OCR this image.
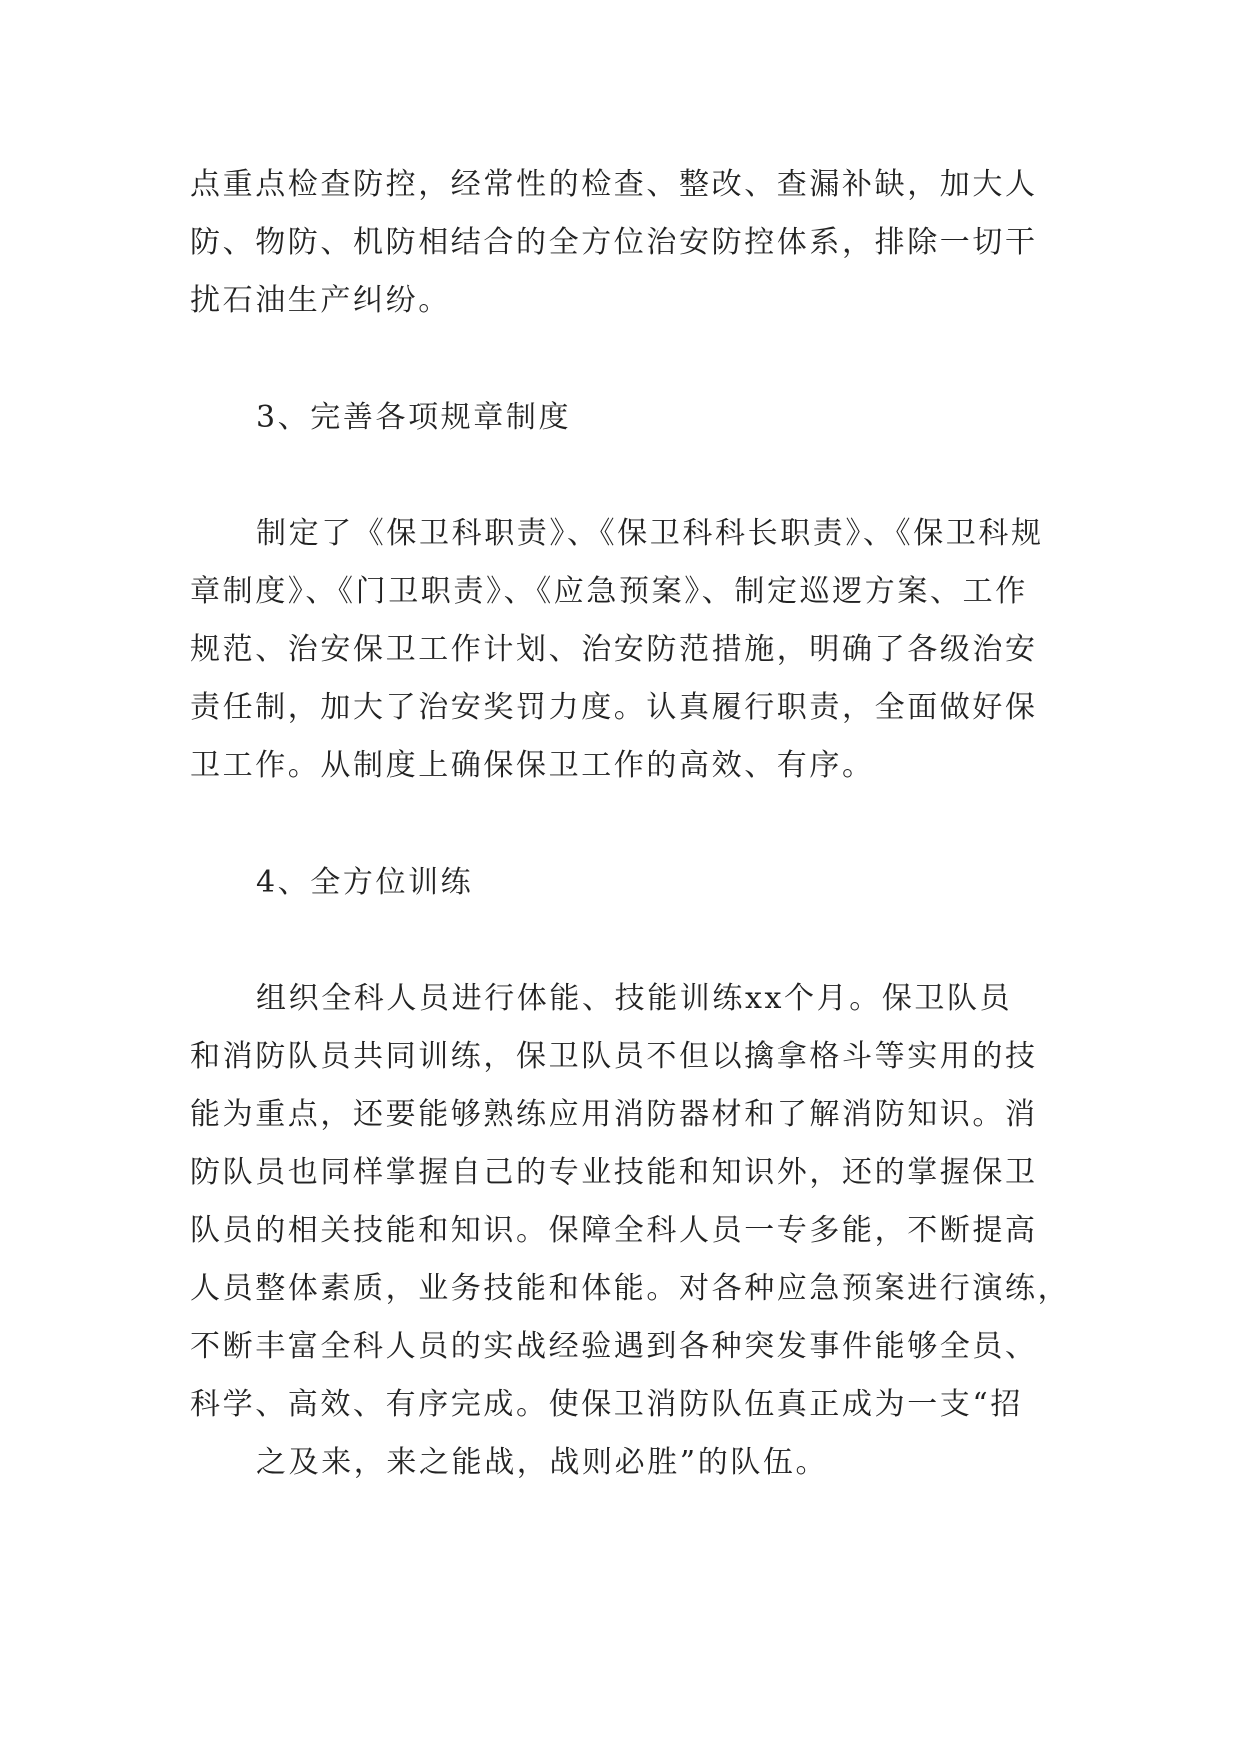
点重点检查防控，经常性的检查、整改、查漏补缺，加大人
防、物防、机防相结合的全方位治安防控体系，排除一切干
扰石油生产纠纷。
3、完善各项规章制度
制定了《保卫科职责》、《保卫科科长职责》、《保卫科规
章制度》、《门卫职责》、《应急预案》、制定巡逻方案、工作
规范、治安保卫工作计划、治安防范措施，明确了各级治安
责任制，加大了治安奖罚力度。认真履行职责，全面做好保
卫工作。从制度上确保保卫工作的高效、有序。
4、全方位训练
组织全科人员进行体能、技能训练xx个月。保卫队员
和消防队员共同训练，保卫队员不但以擒拿格斗等实用的技
能为重点，还要能够熟练应用消防器材和了解消防知识。消
防队员也同样掌握自己的专业技能和知识外，还的掌握保卫
队员的相关技能和知识。保障全科人员一专多能，不断提高
人员整体素质，业务技能和体能。对各种应急预案进行演练，
不断丰富全科人员的实战经验遇到各种突发事件能够全员、
科学、高效、有序完成。使保卫消防队伍真正成为一支“招
之及来，来之能战，战则必胜”的队伍。
